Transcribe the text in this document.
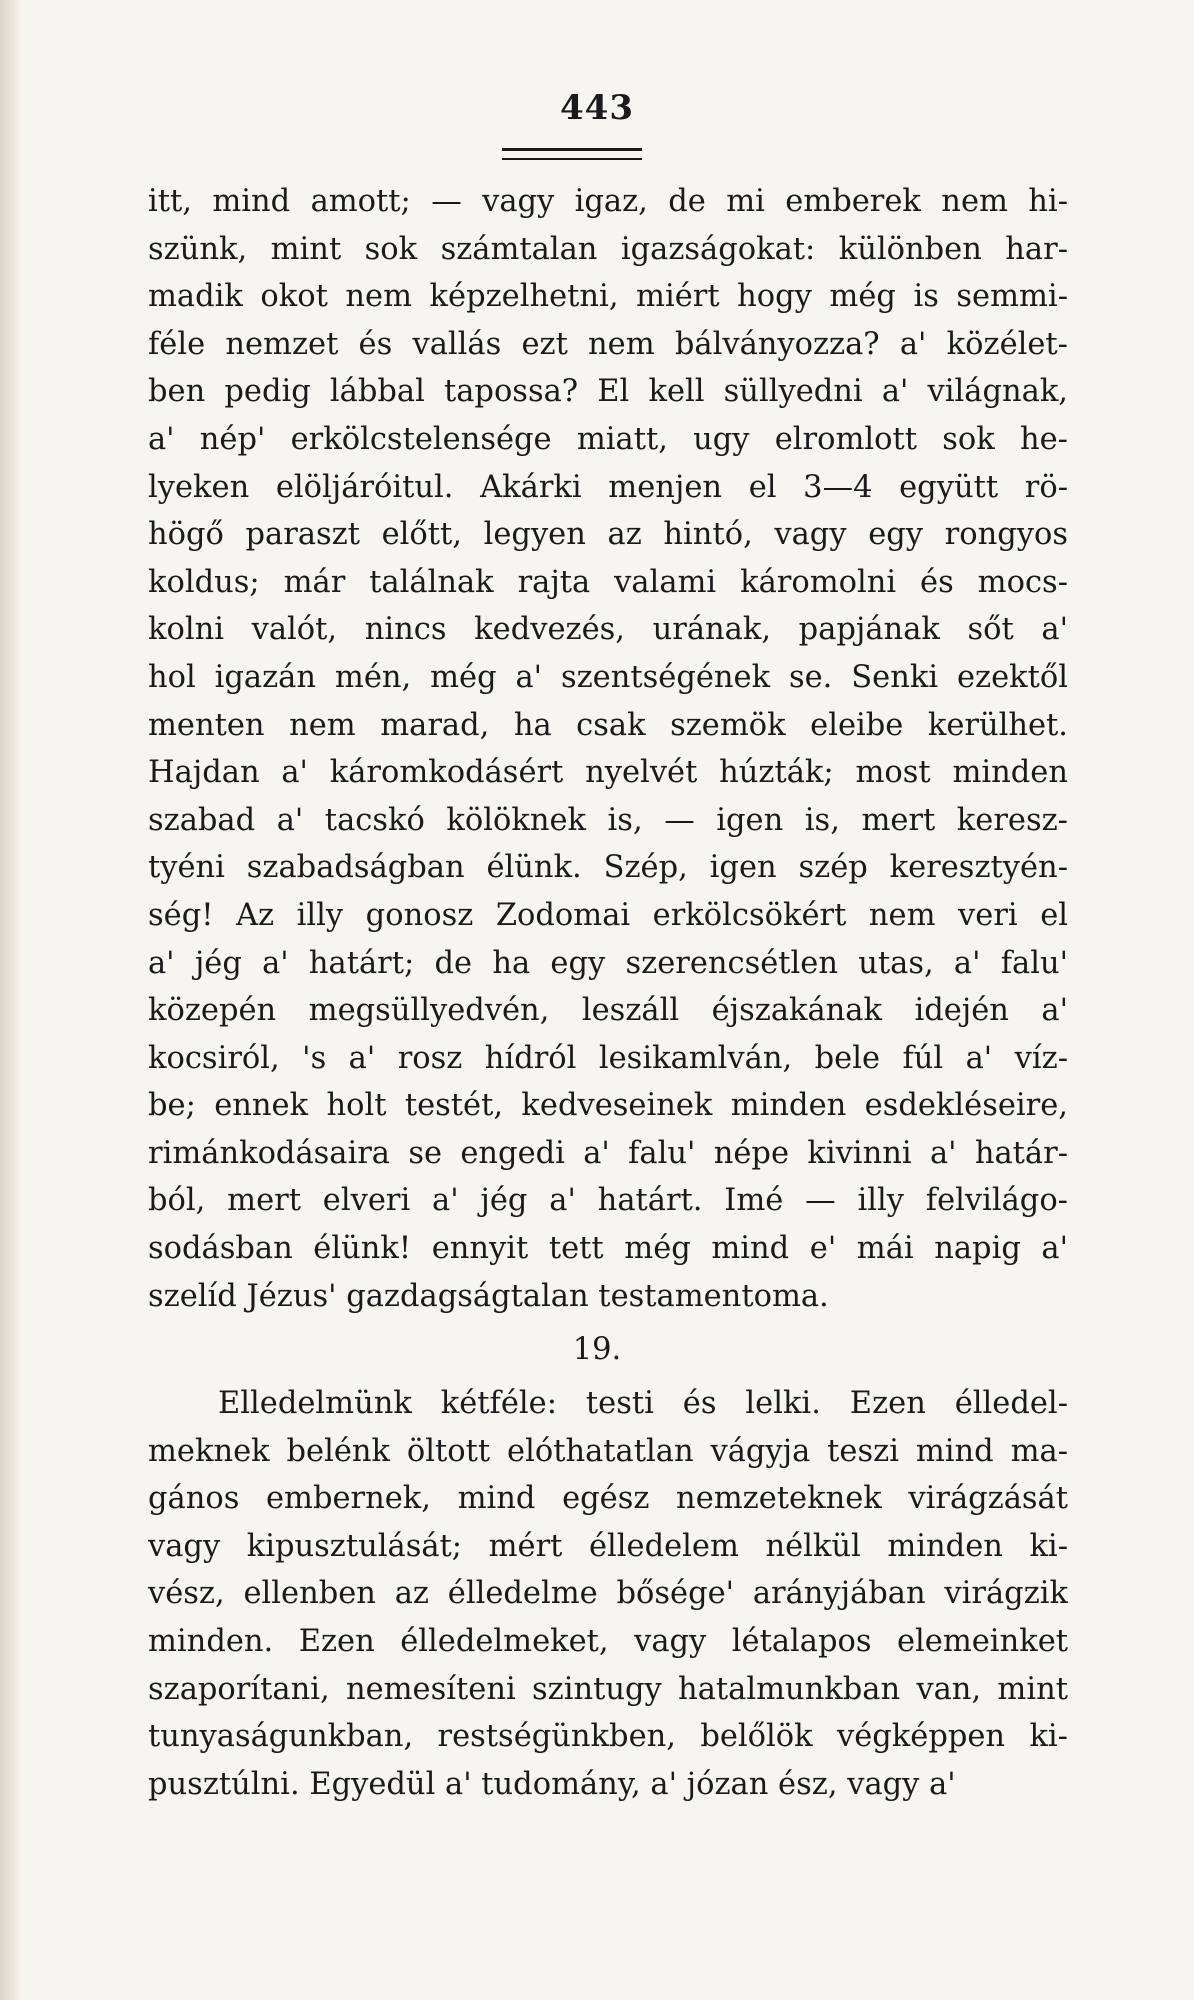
443
itt, mind amott; — vagy igaz, de mi emberek nem hi-
szünk, mint sok számtalan igazságokat: különben har-
madik okot nem képzelhetni, miért hogy még is semmi-
féle nemzet és vallás ezt nem bálványozza? a' közélet-
ben pedig lábbal tapossa? El kell süllyedni a' világnak,
a' nép' erkölcstelensége miatt, ugy elromlott sok he-
lyeken elöljáróitul. Akárki menjen el 3—4 együtt rö-
högő paraszt előtt, legyen az hintó, vagy egy rongyos
koldus; már találnak rajta valami káromolni és mocs-
kolni valót, nincs kedvezés, urának, papjának sőt a'
hol igazán mén, még a' szentségének se. Senki ezektől
menten nem marad, ha csak szemök eleibe kerülhet.
Hajdan a' káromkodásért nyelvét húzták; most minden
szabad a' tacskó kölöknek is, — igen is, mert keresz-
tyéni szabadságban élünk. Szép, igen szép keresztyén-
ség! Az illy gonosz Zodomai erkölcsökért nem veri el
a' jég a' határt; de ha egy szerencsétlen utas, a' falu'
közepén megsüllyedvén, leszáll éjszakának idején a'
kocsiról, 's a' rosz hídról lesikamlván, bele fúl a' víz-
be; ennek holt testét, kedveseinek minden esdekléseire,
rimánkodásaira se engedi a' falu' népe kivinni a' határ-
ból, mert elveri a' jég a' határt. Imé — illy felvilágo-
sodásban élünk! ennyit tett még mind e' mái napig a'
szelíd Jézus' gazdagságtalan testamentoma.
19.
Elledelmünk kétféle: testi és lelki. Ezen élledel-
meknek belénk öltott elóthatatlan vágyja teszi mind ma-
gános embernek, mind egész nemzeteknek virágzását
vagy kipusztulását; mért élledelem nélkül minden ki-
vész, ellenben az élledelme bősége' arányjában virágzik
minden. Ezen élledelmeket, vagy létalapos elemeinket
szaporítani, nemesíteni szintugy hatalmunkban van, mint
tunyaságunkban, restségünkben, belőlök végképpen ki-
pusztúlni. Egyedül a' tudomány, a' józan ész, vagy a'
